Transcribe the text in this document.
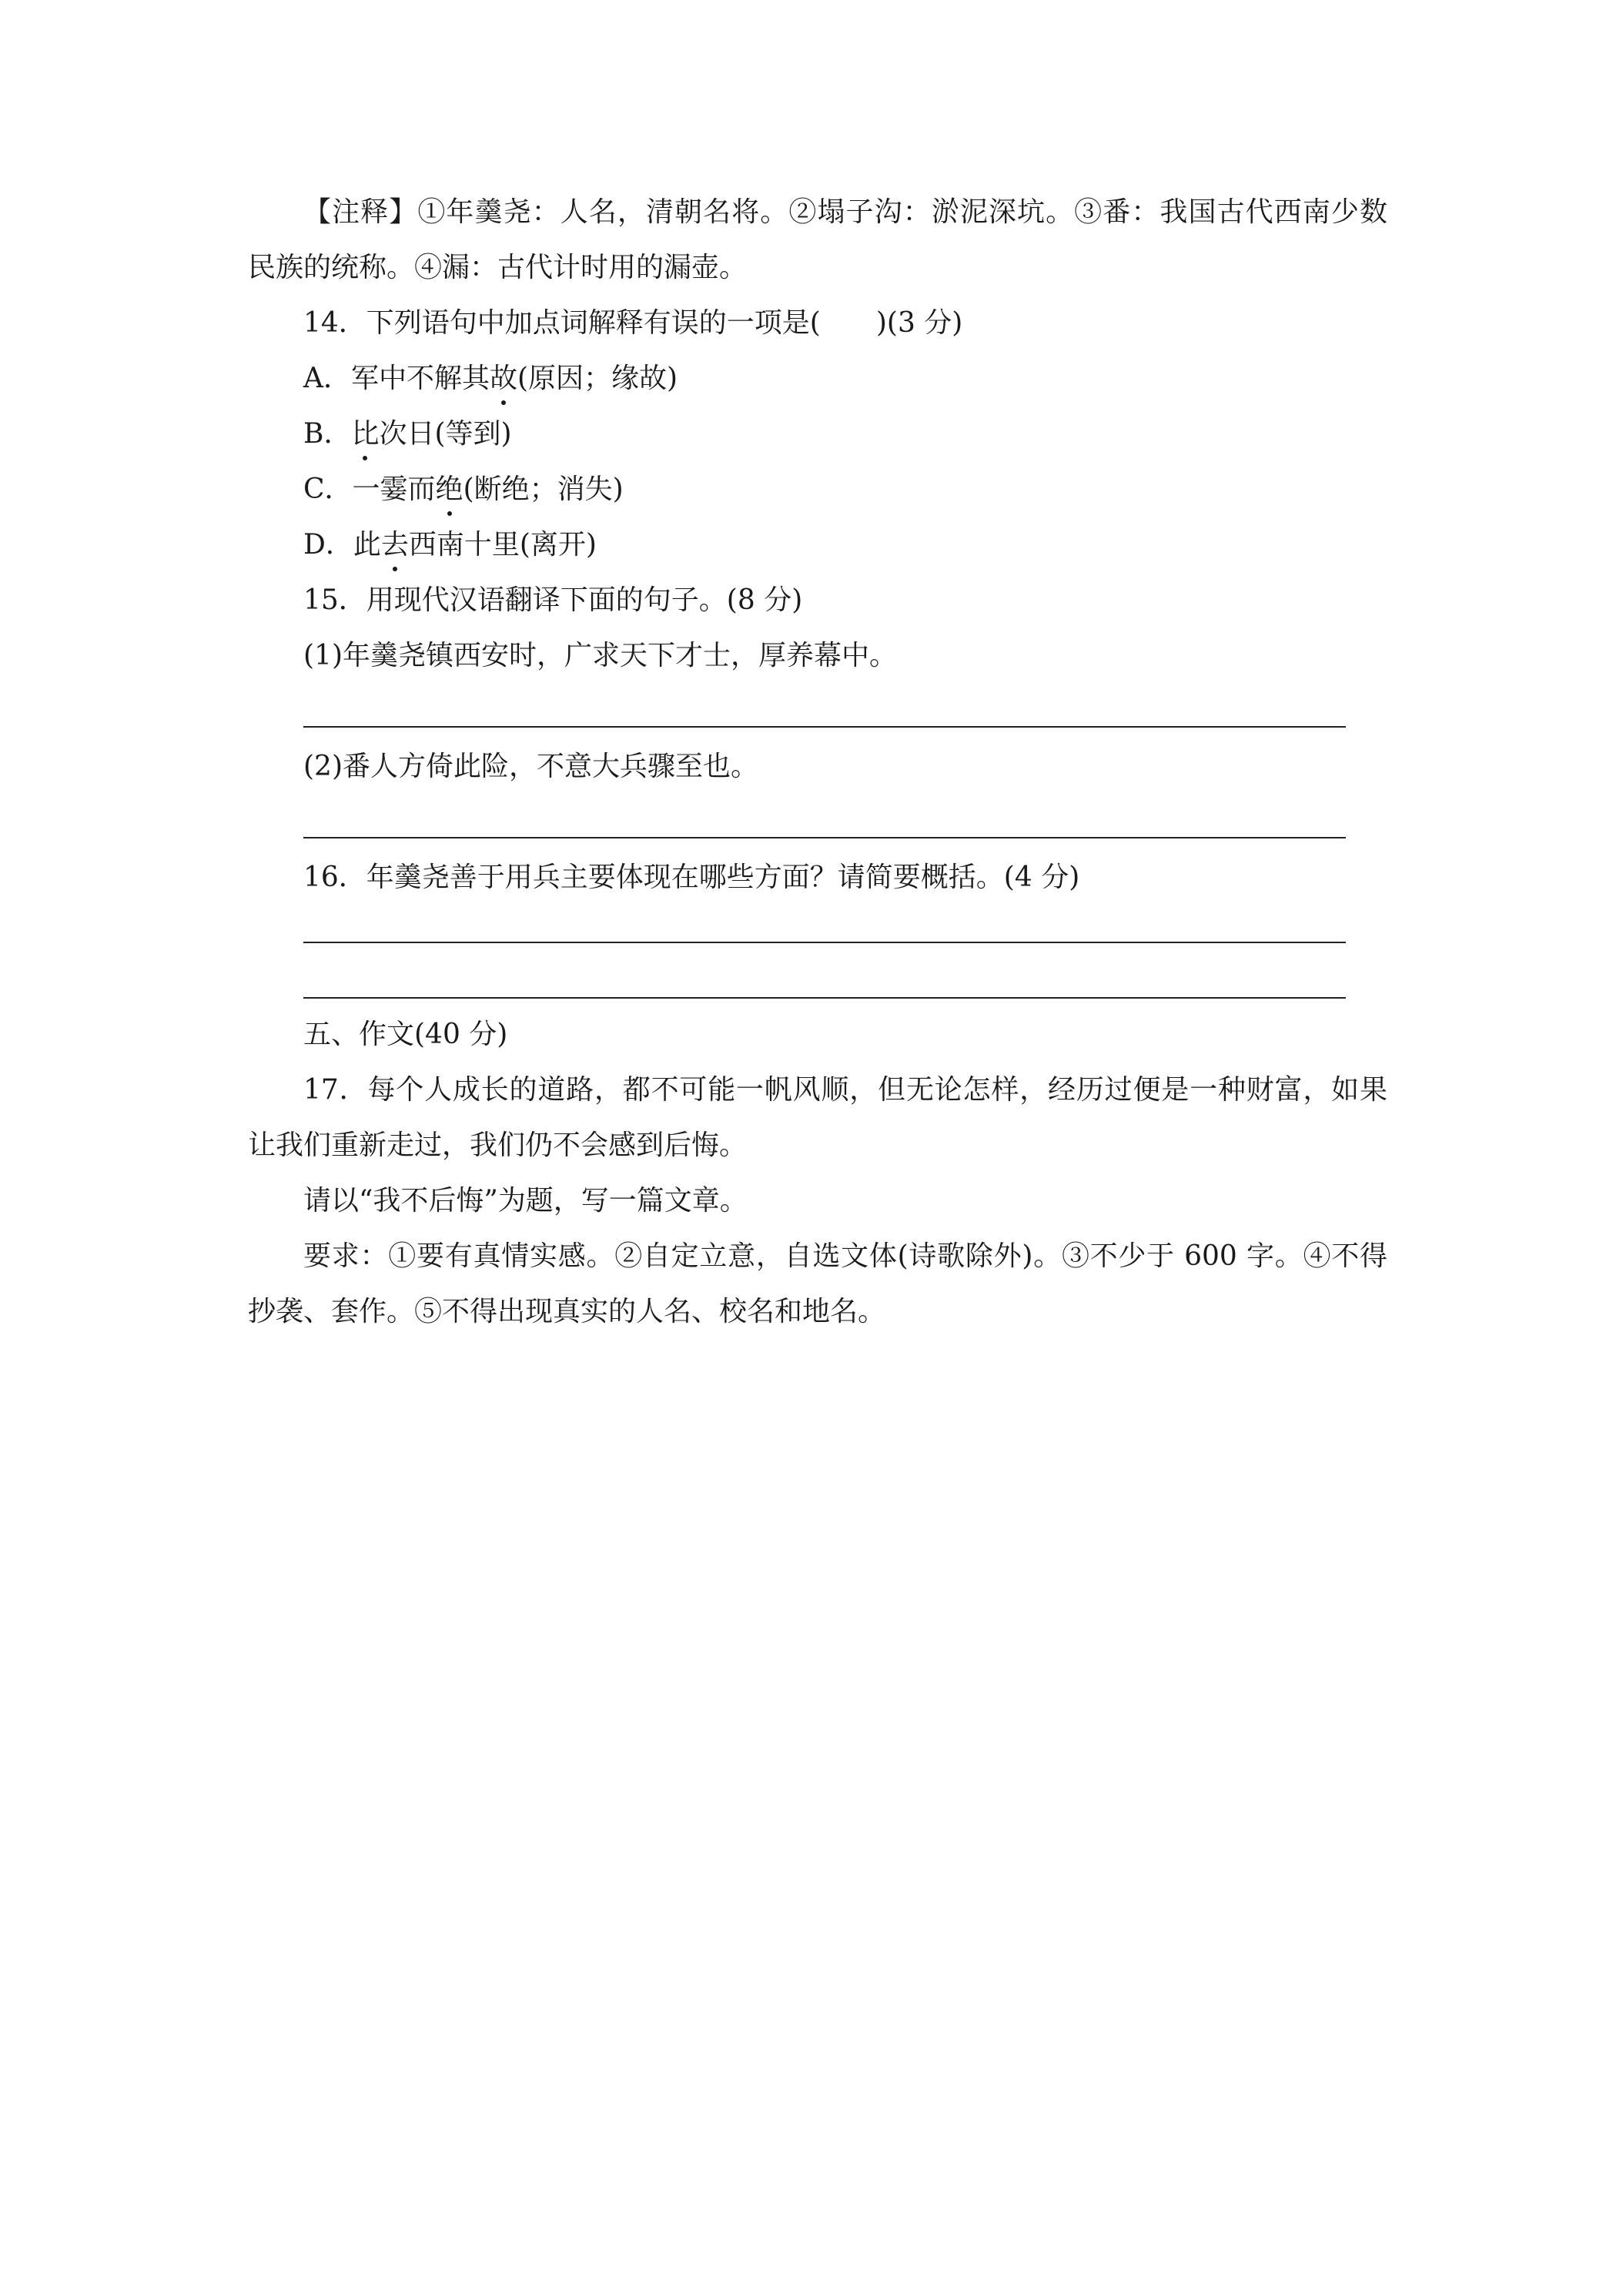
【注释】①年羹尧：人名，清朝名将。②塌子沟：淤泥深坑。③番：我国古代西南少数
民族的统称。④漏：古代计时用的漏壶。
14．下列语句中加点词解释有误的一项是(　　)(3 分)
A．军中不解其故(原因；缘故)
B．比次日(等到)
C．一霎而绝(断绝；消失)
D．此去西南十里(离开)
15．用现代汉语翻译下面的句子。(8 分)
(1)年羹尧镇西安时，广求天下才士，厚养幕中。
(2)番人方倚此险，不意大兵骤至也。
16．年羹尧善于用兵主要体现在哪些方面？请简要概括。(4 分)
五、作文(40 分)
17．每个人成长的道路，都不可能一帆风顺，但无论怎样，经历过便是一种财富，如果
让我们重新走过，我们仍不会感到后悔。
请以“我不后悔”为题，写一篇文章。
要求：①要有真情实感。②自定立意，自选文体(诗歌除外)。③不少于 600 字。④不得
抄袭、套作。⑤不得出现真实的人名、校名和地名。
